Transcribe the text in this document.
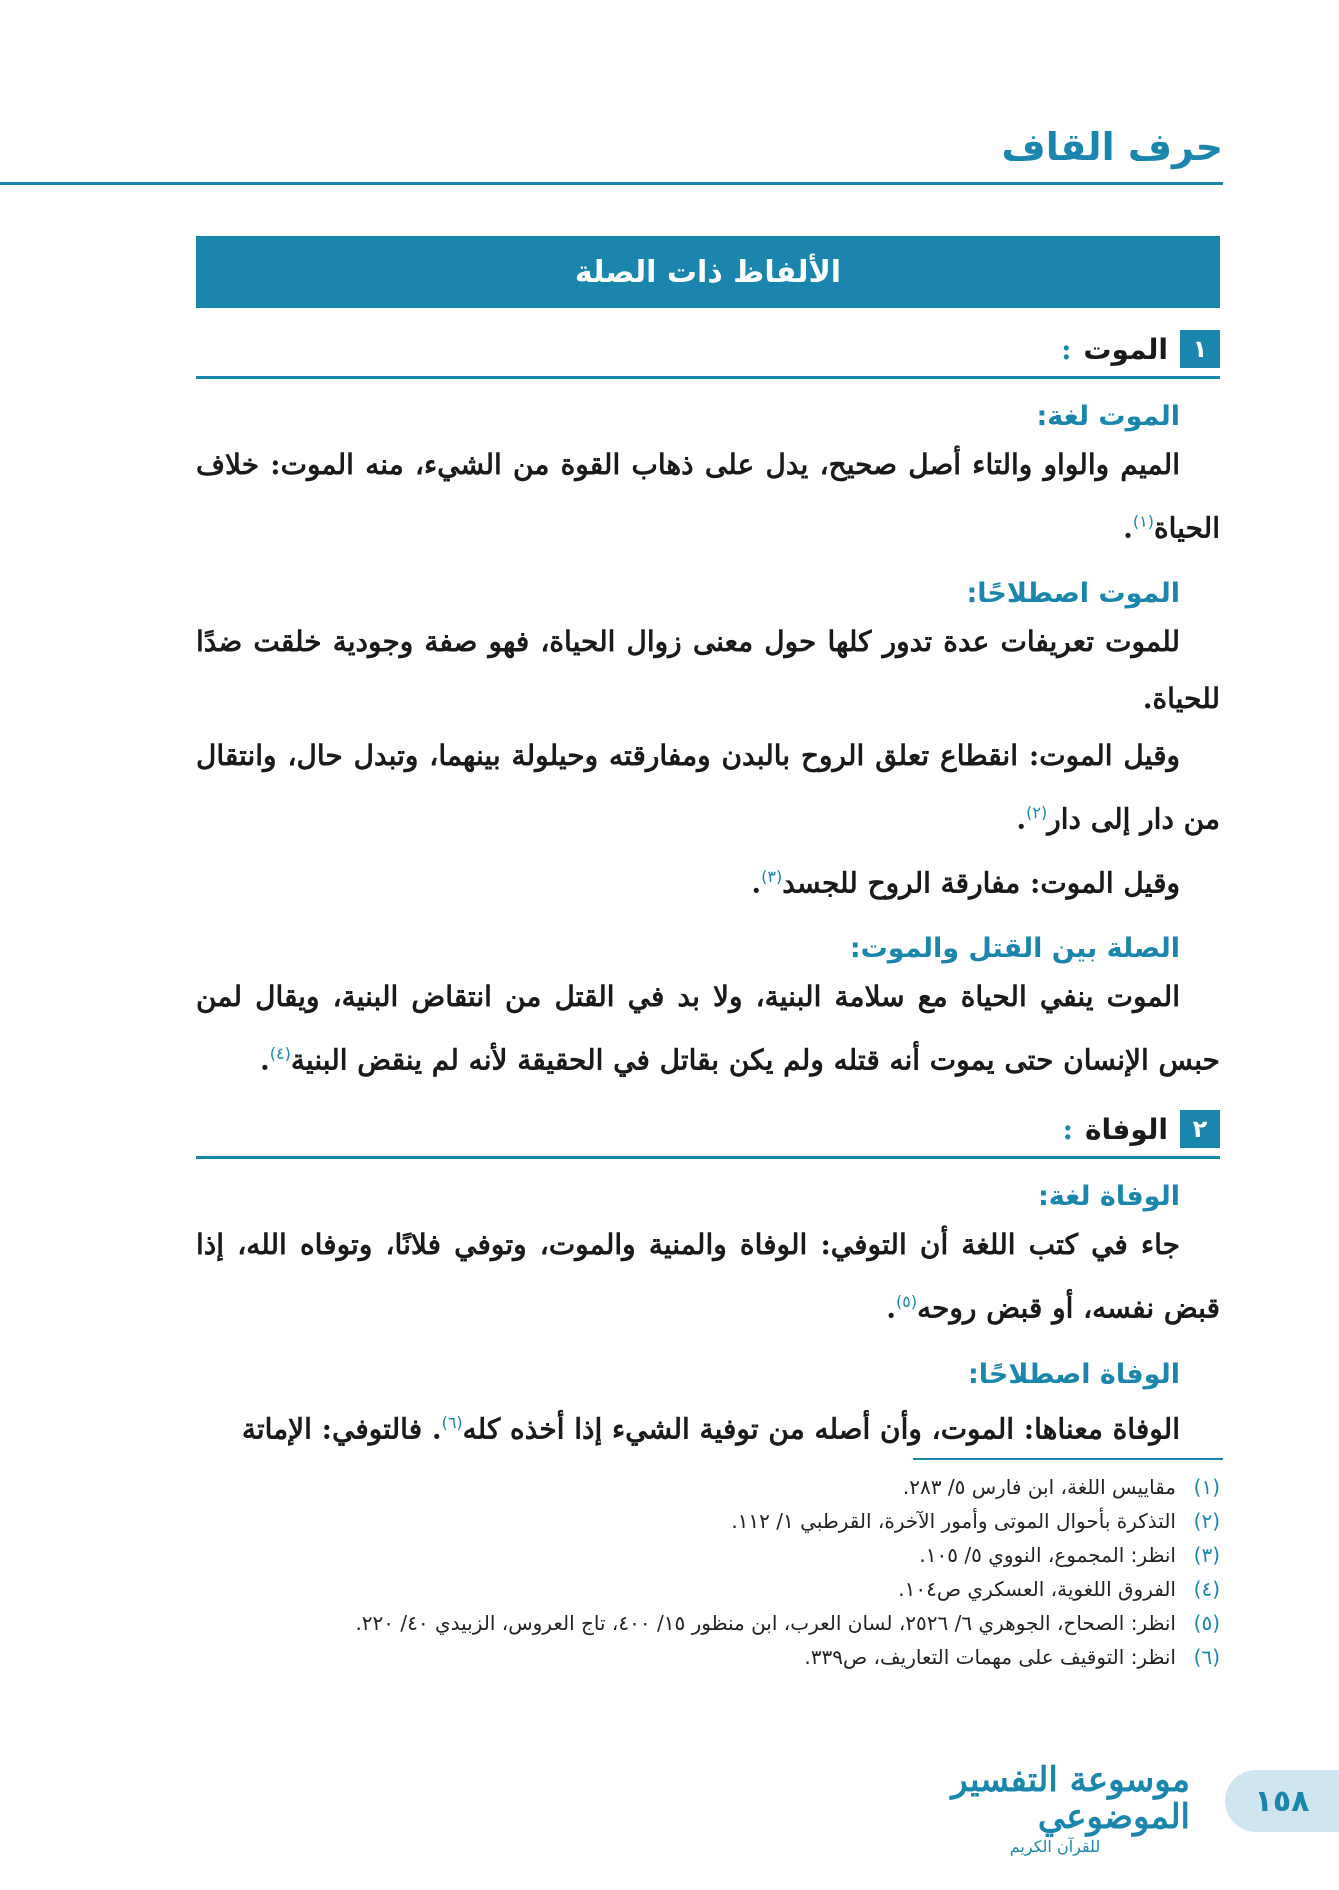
حرف القاف
الألفاظ ذات الصلة
١
الموت
:
الموت لغة:

الميم والواو والتاء أصل صحيح، يدل على ذهاب القوة من الشيء، منه الموت: خلاف الحياة$^{(١)}$.

الموت اصطلاحًا:

للموت تعريفات عدة تدور كلها حول معنى زوال الحياة، فهو صفة وجودية خلقت ضدًا للحياة.

وقيل الموت: انقطاع تعلق الروح بالبدن ومفارقته وحيلولة بينهما، وتبدل حال، وانتقال من دار إلى دار$^{(٢)}$.

وقيل الموت: مفارقة الروح للجسد$^{(٣)}$.

الصلة بين القتل والموت:

الموت ينفي الحياة مع سلامة البنية، ولا بد في القتل من انتقاض البنية، ويقال لمن حبس الإنسان حتى يموت أنه قتله ولم يكن بقاتل في الحقيقة لأنه لم ينقض البنية$^{(٤)}$.

٢
الوفاة
:
الوفاة لغة:

جاء في كتب اللغة أن التوفي: الوفاة والمنية والموت، وتوفي فلانًا، وتوفاه الله، إذا قبض نفسه، أو قبض روحه$^{(٥)}$.

الوفاة اصطلاحًا:

الوفاة معناها: الموت، وأن أصله من توفية الشيء إذا أخذه كله$^{(٦)}$. فالتوفي: الإماتة

(١)
مقاييس اللغة، ابن فارس ٥/ ٢٨٣.
(٢)
التذكرة بأحوال الموتى وأمور الآخرة، القرطبي ١/ ١١٢.
(٣)
انظر: المجموع، النووي ٥/ ١٠٥.
(٤)
الفروق اللغوية، العسكري ص١٠٤.
(٥)
انظر: الصحاح، الجوهري ٦/ ٢٥٢٦، لسان العرب، ابن منظور ١٥/ ٤٠٠، تاج العروس، الزبيدي ٤٠/ ٢٢٠.
(٦)
انظر: التوقيف على مهمات التعاريف، ص٣٣٩.
موسوعة التفسير الموضوعي
للقرآن الكريم
١٥٨
